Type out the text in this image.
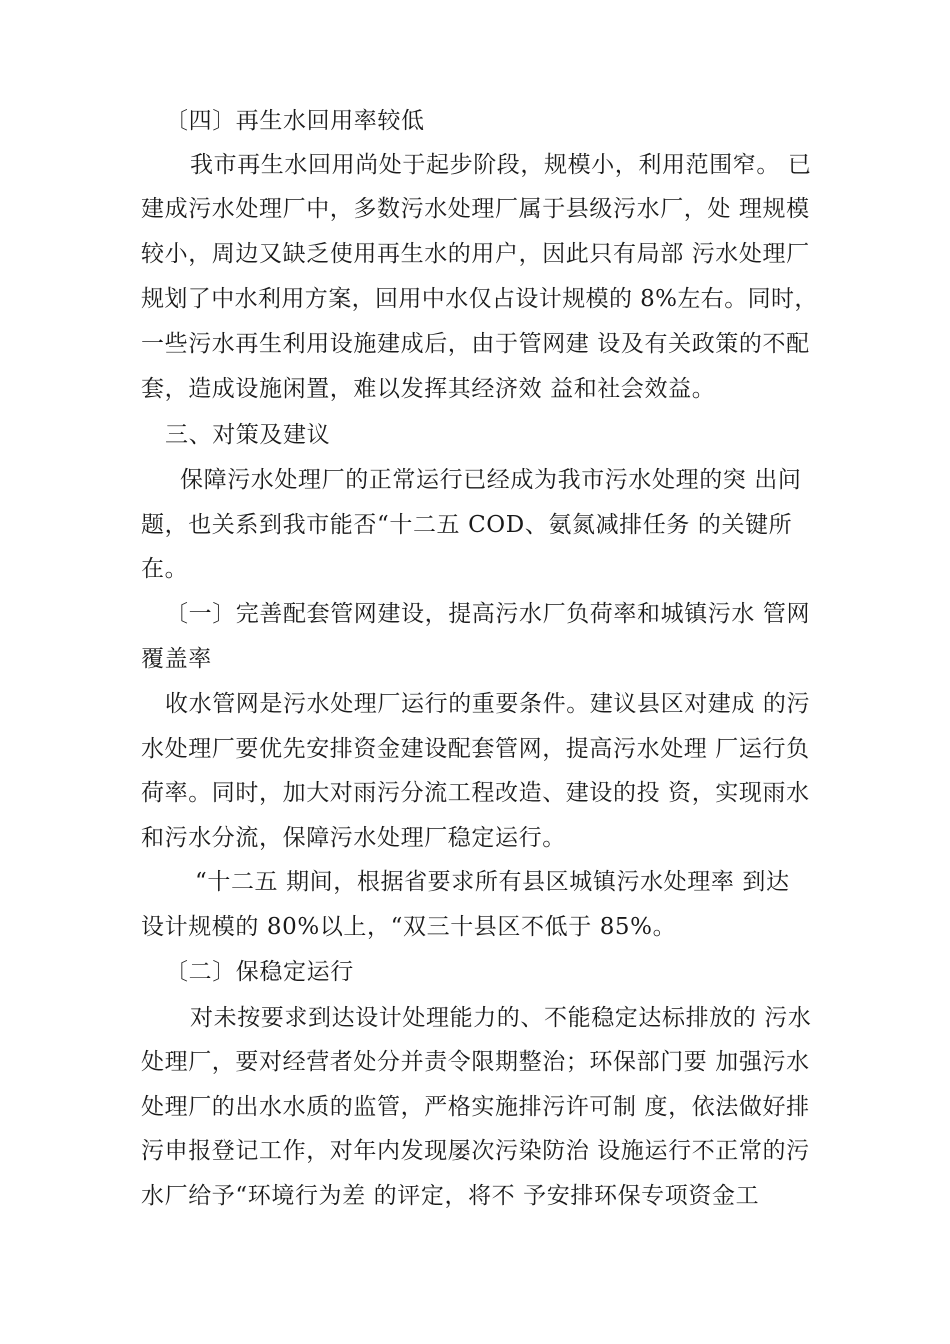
〔四〕再生水回用率较低
我市再生水回用尚处于起步阶段，规模小，利用范围窄。 已
建成污水处理厂中，多数污水处理厂属于县级污水厂，处 理规模
较小，周边又缺乏使用再生水的用户，因此只有局部 污水处理厂
规划了中水利用方案，回用中水仅占设计规模的 8%左右。同时，
一些污水再生利用设施建成后，由于管网建 设及有关政策的不配
套，造成设施闲置，难以发挥其经济效 益和社会效益。
三、对策及建议
保障污水处理厂的正常运行已经成为我市污水处理的突 出问
题，也关系到我市能否“十二五 COD、氨氮减排任务 的关键所
在。
〔一〕完善配套管网建设，提高污水厂负荷率和城镇污水 管网
覆盖率
收水管网是污水处理厂运行的重要条件。建议县区对建成 的污
水处理厂要优先安排资金建设配套管网，提高污水处理 厂运行负
荷率。同时，加大对雨污分流工程改造、建设的投 资，实现雨水
和污水分流，保障污水处理厂稳定运行。
“十二五 期间，根据省要求所有县区城镇污水处理率 到达
设计规模的 80%以上，“双三十县区不低于 85%。
〔二〕保稳定运行
对未按要求到达设计处理能力的、不能稳定达标排放的 污水
处理厂，要对经营者处分并责令限期整治；环保部门要 加强污水
处理厂的出水水质的监管，严格实施排污许可制 度，依法做好排
污申报登记工作，对年内发现屡次污染防治 设施运行不正常的污
水厂给予“环境行为差 的评定，将不 予安排环保专项资金工
